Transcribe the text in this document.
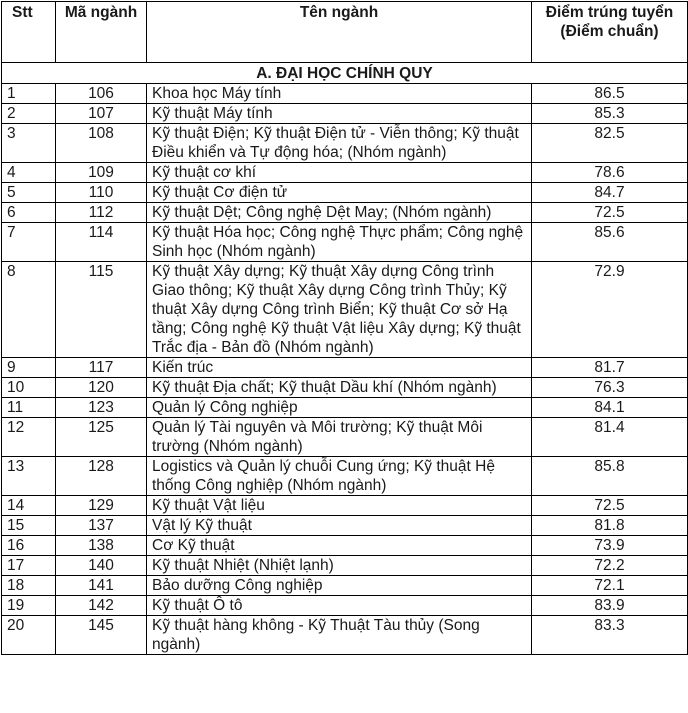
Stt	Mã ngành	Tên ngành	Điểm trúng tuyển (Điểm chuẩn)
A. ĐẠI HỌC CHÍNH QUY			
1	106	Khoa học Máy tính	86.5
2	107	Kỹ thuật Máy tính	85.3
3	108	Kỹ thuật Điện; Kỹ thuật Điện tử - Viễn thông; Kỹ thuật Điều khiển và Tự động hóa; (Nhóm ngành)	82.5
4	109	Kỹ thuật cơ khí	78.6
5	110	Kỹ thuật Cơ điện tử	84.7
6	112	Kỹ thuật Dệt; Công nghệ Dệt May; (Nhóm ngành)	72.5
7	114	Kỹ thuật Hóa học; Công nghệ Thực phẩm; Công nghệ Sinh học (Nhóm ngành)	85.6
8	115	Kỹ thuật Xây dựng; Kỹ thuật Xây dựng Công trình Giao thông; Kỹ thuật Xây dựng Công trình Thủy; Kỹ thuật Xây dựng Công trình Biển; Kỹ thuật Cơ sở Hạ tầng; Công nghệ Kỹ thuật Vật liệu Xây dựng; Kỹ thuật Trắc địa - Bản đồ (Nhóm ngành)	72.9
9	117	Kiến trúc	81.7
10	120	Kỹ thuật Địa chất; Kỹ thuật Dầu khí (Nhóm ngành)	76.3
11	123	Quản lý Công nghiệp	84.1
12	125	Quản lý Tài nguyên và Môi trường; Kỹ thuật Môi trường (Nhóm ngành)	81.4
13	128	Logistics và Quản lý chuỗi Cung ứng; Kỹ thuật Hệ thống Công nghiệp (Nhóm ngành)	85.8
14	129	Kỹ thuật Vật liệu	72.5
15	137	Vật lý Kỹ thuật	81.8
16	138	Cơ Kỹ thuật	73.9
17	140	Kỹ thuật Nhiệt (Nhiệt lạnh)	72.2
18	141	Bảo dưỡng Công nghiệp	72.1
19	142	Kỹ thuật Ô tô	83.9
20	145	Kỹ thuật hàng không - Kỹ Thuật Tàu thủy (Song ngành)	83.3
